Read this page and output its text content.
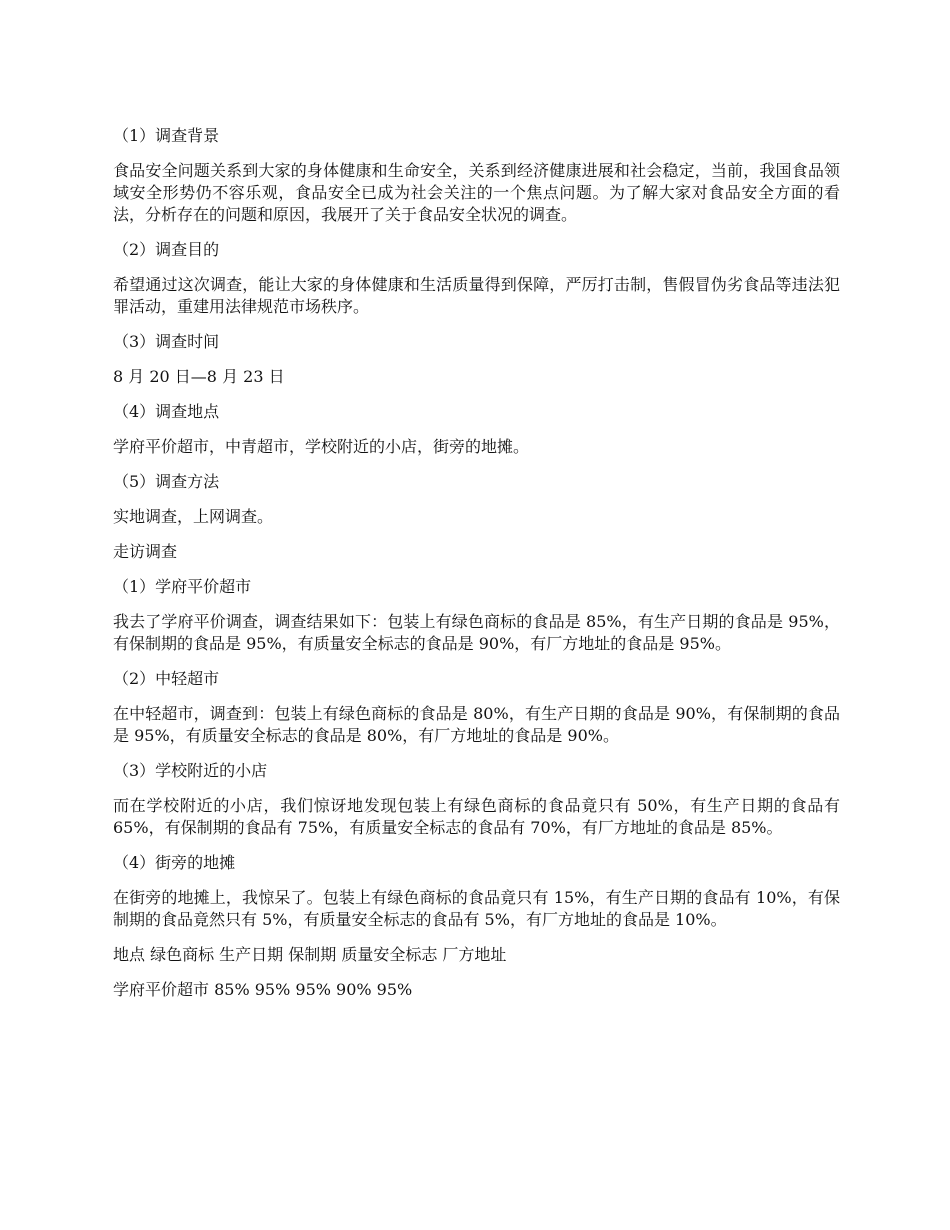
（1）调查背景

食品安全问题关系到大家的身体健康和生命安全，关系到经济健康进展和社会稳定，当前，我国食品领域安全形势仍不容乐观，食品安全已成为社会关注的一个焦点问题。为了解大家对食品安全方面的看法，分析存在的问题和原因，我展开了关于食品安全状况的调查。

（2）调查目的

希望通过这次调查，能让大家的身体健康和生活质量得到保障，严厉打击制，售假冒伪劣食品等违法犯罪活动，重建用法律规范市场秩序。

（3）调查时间

8 月 20 日—8 月 23 日

（4）调查地点

学府平价超市，中青超市，学校附近的小店，街旁的地摊。

（5）调查方法

实地调查，上网调查。

走访调查

（1）学府平价超市

我去了学府平价调查，调查结果如下：包装上有绿色商标的食品是 85%，有生产日期的食品是 95%，有保制期的食品是 95%，有质量安全标志的食品是 90%，有厂方地址的食品是 95%。

（2）中轻超市

在中轻超市，调查到：包装上有绿色商标的食品是 80%，有生产日期的食品是 90%，有保制期的食品是 95%，有质量安全标志的食品是 80%，有厂方地址的食品是 90%。

（3）学校附近的小店

而在学校附近的小店，我们惊讶地发现包装上有绿色商标的食品竟只有 50%，有生产日期的食品有 65%，有保制期的食品有 75%，有质量安全标志的食品有 70%，有厂方地址的食品是 85%。

（4）街旁的地摊

在街旁的地摊上，我惊呆了。包装上有绿色商标的食品竟只有 15%，有生产日期的食品有 10%，有保制期的食品竟然只有 5%，有质量安全标志的食品有 5%，有厂方地址的食品是 10%。

地点 绿色商标 生产日期 保制期 质量安全标志 厂方地址

学府平价超市 85% 95% 95% 90% 95%
